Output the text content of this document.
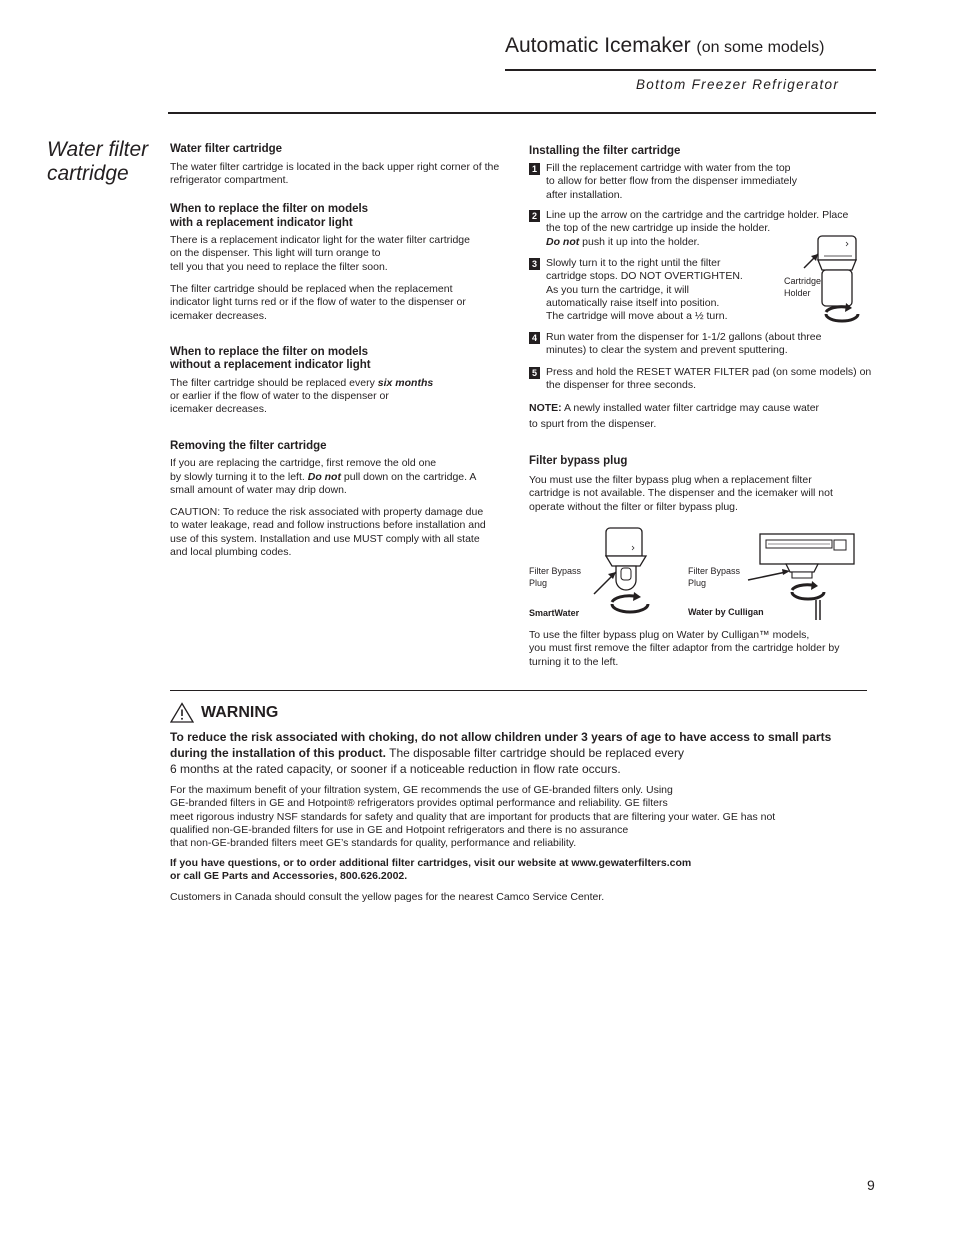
Automatic Icemaker (on some models)
Bottom Freezer Refrigerator
Water filter
cartridge
Water filter cartridge

The water filter cartridge is located in the back upper right corner of the refrigerator compartment.

When to replace the filter on models
with a replacement indicator light

There is a replacement indicator light for the water filter cartridge
on the dispenser. This light will turn orange to
tell you that you need to replace the filter soon.

The filter cartridge should be replaced when the replacement indicator light turns red or if the flow of water to the dispenser or icemaker decreases.

When to replace the filter on models
without a replacement indicator light

The filter cartridge should be replaced every six months
or earlier if the flow of water to the dispenser or
icemaker decreases.

Removing the filter cartridge

If you are replacing the cartridge, first remove the old one
by slowly turning it to the left. Do not pull down on the cartridge. A
small amount of water may drip down.

CAUTION: To reduce the risk associated with property damage due to water leakage, read and follow instructions before installation and use of this system. Installation and use MUST comply with all state and local plumbing codes.

Installing the filter cartridge
1 Fill the replacement cartridge with water from the top
to allow for better flow from the dispenser immediately
after installation.
2 Line up the arrow on the cartridge and the cartridge holder. Place
the top of the new cartridge up inside the holder.
Do not push it up into the holder.
3 Slowly turn it to the right until the filter
cartridge stops. DO NOT OVERTIGHTEN.
As you turn the cartridge, it will
automatically raise itself into position.
The cartridge will move about a ½ turn.
Cartridge
Holder
4 Run water from the dispenser for 1-1/2 gallons (about three
minutes) to clear the system and prevent sputtering.
5 Press and hold the RESET WATER FILTER pad (on some models) on
the dispenser for three seconds.
NOTE: A newly installed water filter cartridge may cause water
to spurt from the dispenser.
Filter bypass plug
You must use the filter bypass plug when a replacement filter
cartridge is not available. The dispenser and the icemaker will not
operate without the filter or filter bypass plug.
Filter Bypass
Plug
SmartWater
Filter Bypass
Plug
Water by Culligan
To use the filter bypass plug on Water by Culligan™ models,
you must first remove the filter adaptor from the cartridge holder by
turning it to the left.
WARNING
To reduce the risk associated with choking, do not allow children under 3 years of age to have access to small parts
during the installation of this product. The disposable filter cartridge should be replaced every
6 months at the rated capacity, or sooner if a noticeable reduction in flow rate occurs.
For the maximum benefit of your filtration system, GE recommends the use of GE-branded filters only. Using
GE-branded filters in GE and Hotpoint® refrigerators provides optimal performance and reliability. GE filters
meet rigorous industry NSF standards for safety and quality that are important for products that are filtering your water. GE has not
qualified non-GE-branded filters for use in GE and Hotpoint refrigerators and there is no assurance
that non-GE-branded filters meet GE’s standards for quality, performance and reliability.
If you have questions, or to order additional filter cartridges, visit our website at www.gewaterfilters.com
or call GE Parts and Accessories, 800.626.2002.
Customers in Canada should consult the yellow pages for the nearest Camco Service Center.
9
